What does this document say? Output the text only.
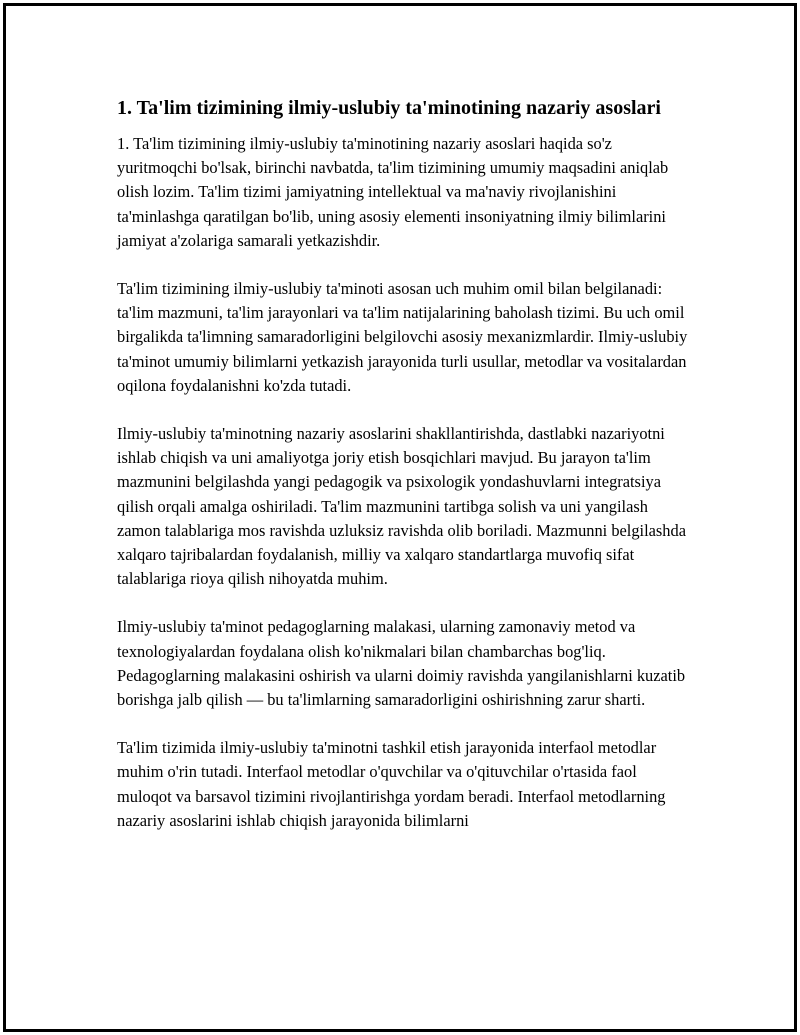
1. Ta'lim tizimining ilmiy-uslubiy ta'minotining nazariy asoslari

1. Ta'lim tizimining ilmiy-uslubiy ta'minotining nazariy asoslari haqida so'z yuritmoqchi bo'lsak, birinchi navbatda, ta'lim tizimining umumiy maqsadini aniqlab olish lozim. Ta'lim tizimi jamiyatning intellektual va ma'naviy rivojlanishini ta'minlashga qaratilgan bo'lib, uning asosiy elementi insoniyatning ilmiy bilimlarini jamiyat a'zolariga samarali yetkazishdir.

Ta'lim tizimining ilmiy-uslubiy ta'minoti asosan uch muhim omil bilan belgilanadi: ta'lim mazmuni, ta'lim jarayonlari va ta'lim natijalarining baholash tizimi. Bu uch omil birgalikda ta'limning samaradorligini belgilovchi asosiy mexanizmlardir. Ilmiy-uslubiy ta'minot umumiy bilimlarni yetkazish jarayonida turli usullar, metodlar va vositalardan oqilona foydalanishni ko'zda tutadi.

Ilmiy-uslubiy ta'minotning nazariy asoslarini shakllantirishda, dastlabki nazariyotni ishlab chiqish va uni amaliyotga joriy etish bosqichlari mavjud. Bu jarayon ta'lim mazmunini belgilashda yangi pedagogik va psixologik yondashuvlarni integratsiya qilish orqali amalga oshiriladi. Ta'lim mazmunini tartibga solish va uni yangilash zamon talablariga mos ravishda uzluksiz ravishda olib boriladi. Mazmunni belgilashda xalqaro tajribalardan foydalanish, milliy va xalqaro standartlarga muvofiq sifat talablariga rioya qilish nihoyatda muhim.

Ilmiy-uslubiy ta'minot pedagoglarning malakasi, ularning zamonaviy metod va texnologiyalardan foydalana olish ko'nikmalari bilan chambarchas bog'liq. Pedagoglarning malakasini oshirish va ularni doimiy ravishda yangilanishlarni kuzatib borishga jalb qilish — bu ta'limlarning samaradorligini oshirishning zarur sharti.

Ta'lim tizimida ilmiy-uslubiy ta'minotni tashkil etish jarayonida interfaol metodlar muhim o'rin tutadi. Interfaol metodlar o'quvchilar va o'qituvchilar o'rtasida faol muloqot va barsavol tizimini rivojlantirishga yordam beradi. Interfaol metodlarning nazariy asoslarini ishlab chiqish jarayonida bilimlarni
